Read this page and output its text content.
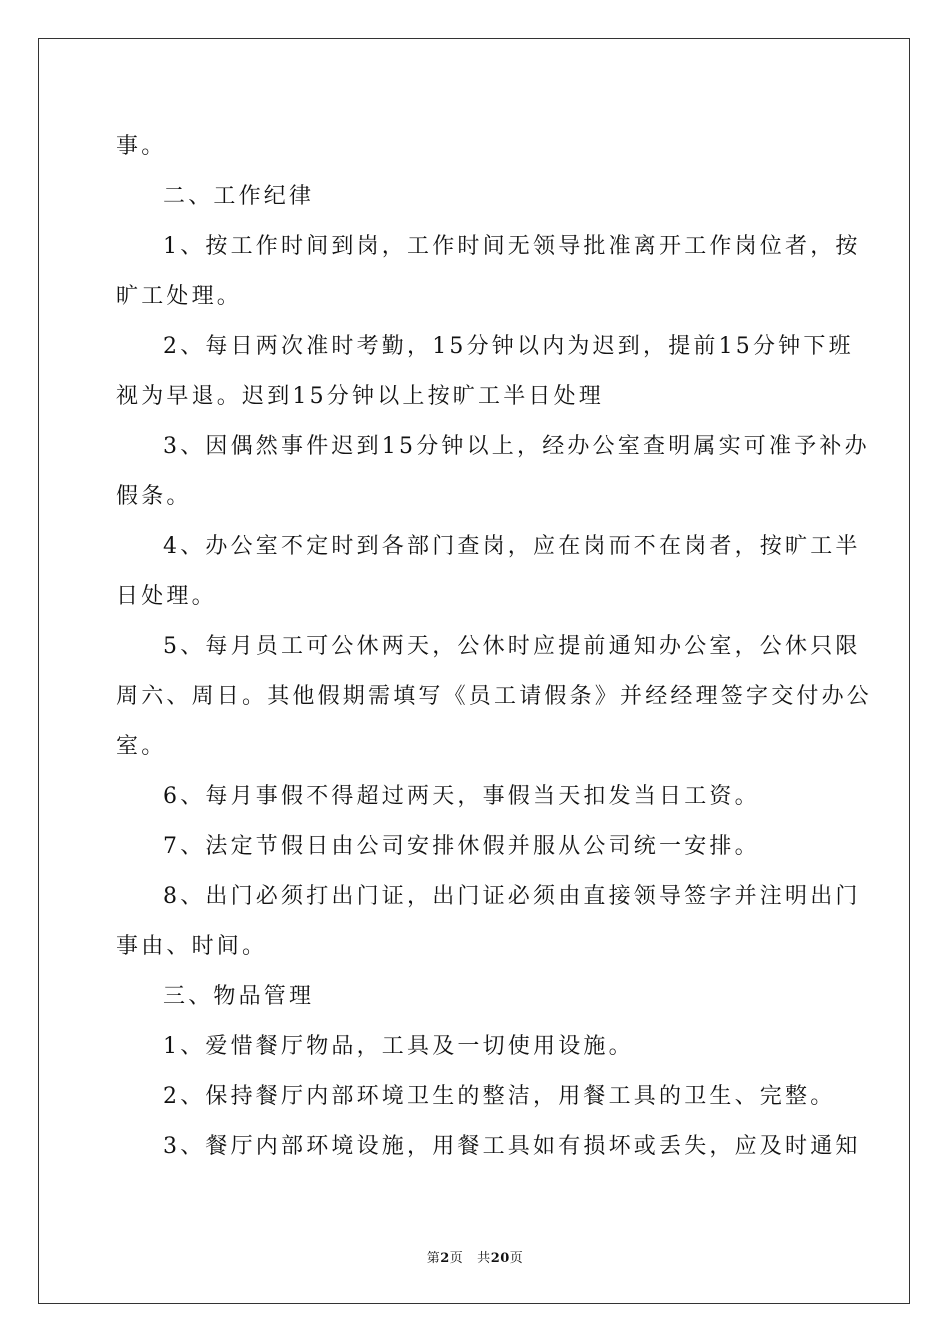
事。
二、工作纪律
1、按工作时间到岗，工作时间无领导批准离开工作岗位者，按
旷工处理。
2、每日两次准时考勤，15分钟以内为迟到，提前15分钟下班
视为早退。迟到15分钟以上按旷工半日处理
3、因偶然事件迟到15分钟以上，经办公室查明属实可准予补办
假条。
4、办公室不定时到各部门查岗，应在岗而不在岗者，按旷工半
日处理。
5、每月员工可公休两天，公休时应提前通知办公室，公休只限
周六、周日。其他假期需填写《员工请假条》并经经理签字交付办公
室。
6、每月事假不得超过两天，事假当天扣发当日工资。
7、法定节假日由公司安排休假并服从公司统一安排。
8、出门必须打出门证，出门证必须由直接领导签字并注明出门
事由、时间。
三、物品管理
1、爱惜餐厅物品，工具及一切使用设施。
2、保持餐厅内部环境卫生的整洁，用餐工具的卫生、完整。
3、餐厅内部环境设施，用餐工具如有损坏或丢失，应及时通知
第2页 共20页
